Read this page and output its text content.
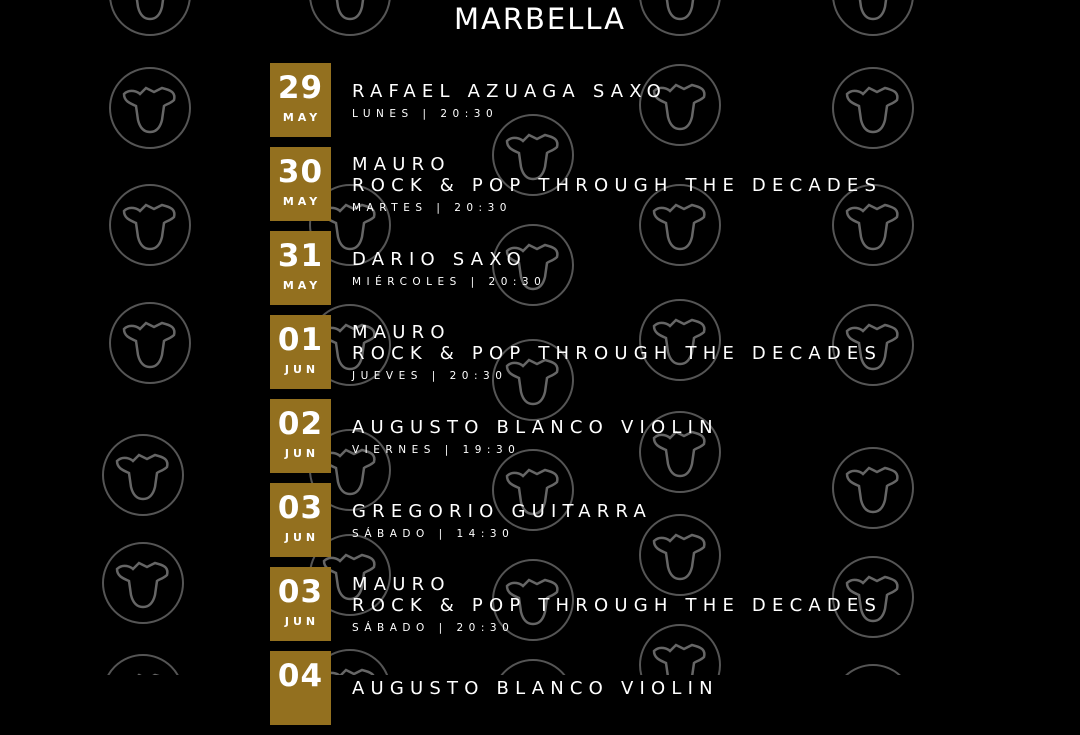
MARBELLA
29
MAY
RAFAEL AZUAGA SAXO
LUNES | 20:30
30
MAY
MAURO
ROCK & POP THROUGH THE DECADES
MARTES | 20:30
31
MAY
DARIO SAXO
MIÉRCOLES | 20:30
01
JUN
MAURO
ROCK & POP THROUGH THE DECADES
JUEVES | 20:30
02
JUN
AUGUSTO BLANCO VIOLIN
VIERNES | 19:30
03
JUN
GREGORIO GUITARRA
SÁBADO | 14:30
03
JUN
MAURO
ROCK & POP THROUGH THE DECADES
SÁBADO | 20:30
04	AUGUSTO BLANCO VIOLIN
